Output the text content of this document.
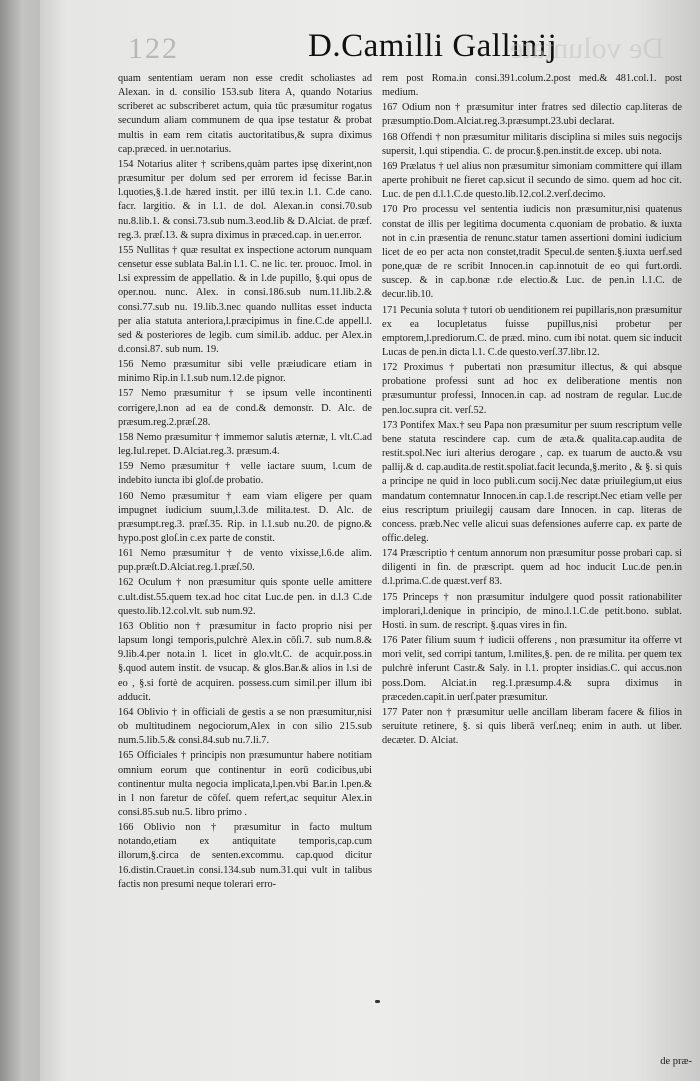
122	D.Camilli Gallinij
De voluntate

quam sententiam ueram non esse credit scholiastes ad Alexan. in d. consilio 153.sub litera A, quando Notarius scriberet ac subscriberet actum, quia tūc præsumitur rogatus secundum aliam communem de qua ipse testatur & probat multis in eam rem citatis auctoritatibus,& supra diximus cap.præced. in uer.notarius.

154 Notarius aliter † scribens,quàm partes ipsę dixerint,non præsumitur per dolum sed per errorem id fecisse Bar.in l.quoties,§.1.de hæred instit. per illū tex.in l.1. C.de cano. facr. largitio. & in l.1. de dol. Alexan.in consi.70.sub nu.8.lib.1. & consi.73.sub num.3.eod.lib & D.Alciat. de præf. reg.3. præſ.13. & supra diximus in præced.cap. in uer.error.

155 Nullitas † quæ resultat ex inspectione actorum nunquam censetur esse sublata Bal.in l.1. C. ne lic. ter. prouoc. Imol. in l.si expressim de appellatio. & in l.de pupillo, §.qui opus de oper.nou. nunc. Alex. in consi.186.sub num.11.lib.2.& consi.77.sub nu. 19.lib.3.nec quando nullitas esset inducta per alia statuta anteriora,l.præcipimus in fine.C.de appell.l. sed & posteriores de legib. cum simil.ib. adduc. per Alex.in d.consi.87. sub num. 19.

156 Nemo præsumitur sibi velle præiudicare etiam in minimo Rip.in l.1.sub num.12.de pignor.

157 Nemo præsumitur † se ipsum velle incontinenti corrigere,l.non ad ea de cond.& demonstr. D. Alc. de præsum.reg.2.præſ.28.

158 Nemo præsumitur † immemor salutis æternæ, l. vlt.C.ad leg.Iul.repet. D.Alciat.reg.3. præsum.4.

159 Nemo præsumitur † velle iactare suum, l.cum de indebito iuncta ibi gloſ.de probatio.

160 Nemo præsumitur † eam viam eligere per quam impugnet iudicium suum,l.3.de milita.test. D. Alc. de præsumpt.reg.3. præſ.35. Rip. in l.1.sub nu.20. de pigno.& hypo.post gloſ.in c.ex parte de constit.

161 Nemo præsumitur † de vento vixisse,l.6.de alim. pup.præſt.D.Alciat.reg.1.præſ.50.

162 Oculum † non præsumitur quis sponte uelle amittere c.ult.dist.55.quem tex.ad hoc citat Luc.de pen. in d.l.3 C.de questo.lib.12.col.vlt. sub num.92.

163 Oblitio non † præsumitur in facto proprio nisi per lapsum longi temporis,pulchrè Alex.in cōſi.7. sub num.8.& 9.lib.4.per nota.in l. licet in glo.vlt.C. de acquir.poss.in §.quod autem instit. de vsucap. & glos.Bar.& alios in l.si de eo , §.si fortè de acquiren. possess.cum simil.per illum ibi adducit.

164 Oblivio † in officiali de gestis a se non præsumitur,nisi ob multitudinem negociorum,Alex in con silio 215.sub num.5.lib.5.& consi.84.sub nu.7.li.7.

165 Officiales † principis non præsumuntur habere notitiam omnium eorum que continentur in eorū codicibus,ubi continentur multa negocia implicata,l.pen.vbi Bar.in l.pen.& in l non faretur de cōfeſ. quem refert,ac sequitur Alex.in consi.85.sub nu.5. libro primo .

166 Oblivio non † præsumitur in facto multum notando,etiam ex antiquitate temporis,cap.cum illorum,§.circa de senten.excommu. cap.quod dicitur 16.distin.Crauet.in consi.134.sub num.31.qui vult in talibus factis non presumi neque tolerari erro-

rem post Roma.in consi.391.colum.2.post med.& 481.col.1. post medium.

167 Odium non † præsumitur inter fratres sed dilectio cap.literas de præsumptio.Dom.Alciat.reg.3.præsumpt.23.ubi declarat.

168 Offendi † non præsumitur militaris disciplina si miles suis negocijs supersit, l.qui stipendia. C. de procur.§.pen.instit.de excep. ubi nota.

169 Prælatus † uel alius non præsumitur simoniam committere qui illam aperte prohibuit ne fieret cap.sicut il secundo de simo. quem ad hoc cit. Luc. de pen d.l.1.C.de questo.lib.12.col.2.verſ.decimo.

170 Pro processu vel sententia iudicis non præsumitur,nisi quatenus constat de illis per legitima documenta c.quoniam de probatio. & iuxta not in c.in præsentia de renunc.statur tamen assertioni domini iudicium licet de eo per acta non constet,tradit Specul.de senten.§.iuxta uerf.sed pone,quæ de re scribit Innocen.in cap.innotuit de eo qui furt.ordi. suscep. & in cap.bonæ r.de electio.& Luc. de pen.in l.1.C. de decur.lib.10.

171 Pecunia soluta † tutori ob uenditionem rei pupillaris,non præsumitur ex ea locupletatus fuisse pupillus,nisi probetur per emptorem,l.prediorum.C. de præd. mino. cum ibi notat. quem sic inducit Lucas de pen.in dicta l.1. C.de questo.verſ.37.libr.12.

172 Proximus † pubertati non præsumitur illectus, & qui absque probatione professi sunt ad hoc ex deliberatione mentis non præsumuntur professi, Innocen.in cap. ad nostram de regular. Luc.de pen.loc.supra cit. verſ.52.

173 Pontifex Max.† seu Papa non præsumitur per suum rescriptum velle bene statuta rescindere cap. cum de æta.& qualita.cap.audita de restit.spol.Nec iuri alterius derogare , cap. ex tuarum de aucto.& vsu pallij.& d. cap.audita.de restit.spoliat.facit lecunda,§.merito , & §. si quis a principe ne quid in loco publi.cum socij.Nec datæ priuilegium,ut eius mandatum contemnatur Innocen.in cap.1.de rescript.Nec etiam velle per eius rescriptum priuilegij causam dare Innocen. in cap. literas de concess. præb.Nec velle alicui suas defensiones auferre cap. ex parte de offic.deleg.

174 Præscriptio † centum annorum non præsumitur posse probari cap. si diligenti in fin. de præscript. quem ad hoc inducit Luc.de pen.in d.l.prima.C.de quæst.verf 83.

175 Princeps † non præsumitur indulgere quod possit rationabiliter implorari,l.denique in principio, de mino.l.1.C.de petit.bono. sublat. Hosti. in sum. de rescript. §.quas vires in fin.

176 Pater filium suum † iudicii offerens , non præsumitur ita offerre vt mori velit, sed corripi tantum, l.milites,§. pen. de re milita. per quem tex pulchrè inferunt Castr.& Saly. in l.1. propter insidias.C. qui accus.non poss.Dom. Alciat.in reg.1.præsump.4.& supra diximus in præceden.capit.in uerſ.pater præsumitur.

177 Pater non † præsumitur uelle ancillam liberam facere & filios in seruitute retinere, §. si quis liberā verſ.neq; enim in auth. ut liber. decæter. D. Alciat.

de præ-
